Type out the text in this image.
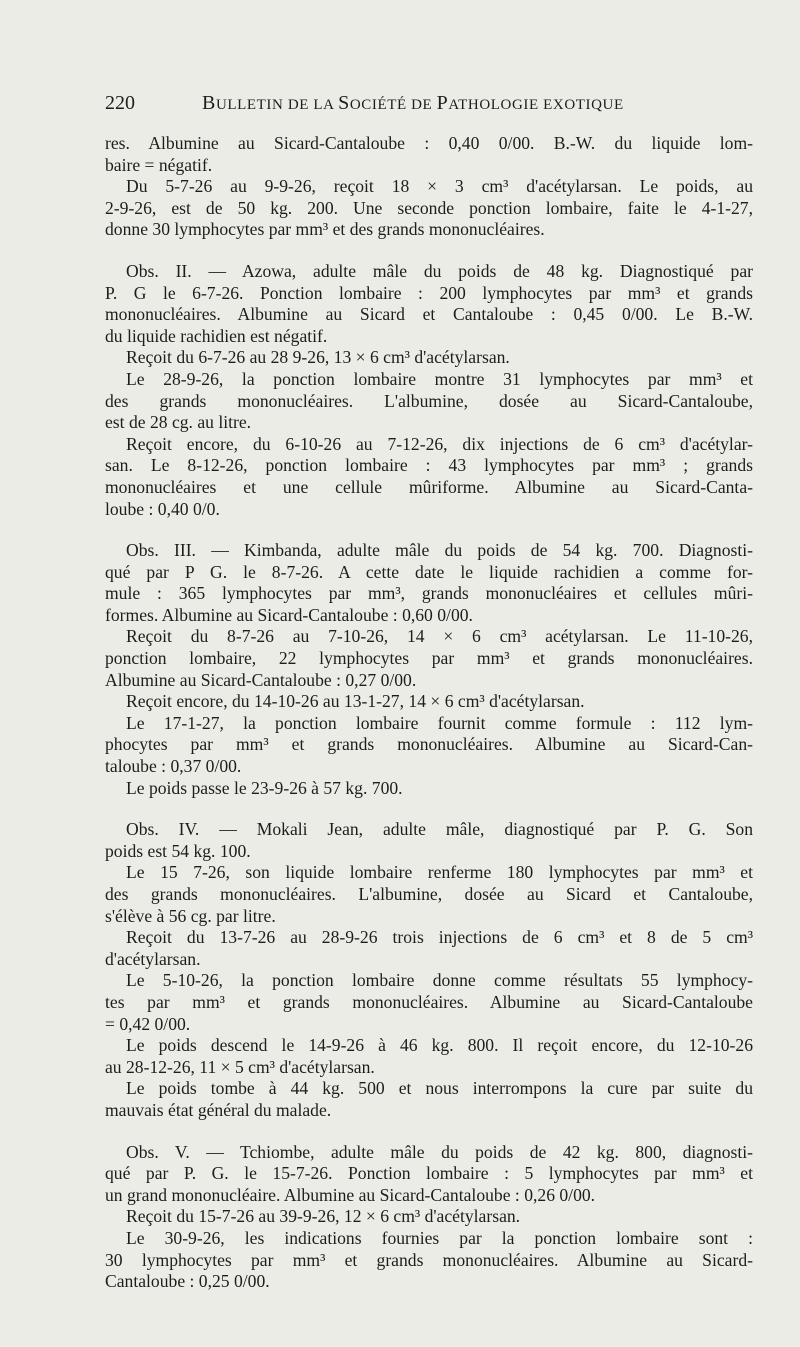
220	BULLETIN DE LA SOCIÉTÉ DE PATHOLOGIE EXOTIQUE
res. Albumine au Sicard-Cantaloube : 0,40 0/00. B.-W. du liquide lom-
baire = négatif.
Du 5-7-26 au 9-9-26, reçoit 18 × 3 cm³ d'acétylarsan. Le poids, au
2-9-26, est de 50 kg. 200. Une seconde ponction lombaire, faite le 4-1-27,
donne 30 lymphocytes par mm³ et des grands mononucléaires.
Obs. II. — Azowa, adulte mâle du poids de 48 kg. Diagnostiqué par
P. G le 6-7-26. Ponction lombaire : 200 lymphocytes par mm³ et grands
mononucléaires. Albumine au Sicard et Cantaloube : 0,45 0/00. Le B.-W.
du liquide rachidien est négatif.
Reçoit du 6-7-26 au 28 9-26, 13 × 6 cm³ d'acétylarsan.
Le 28-9-26, la ponction lombaire montre 31 lymphocytes par mm³ et
des grands mononucléaires. L'albumine, dosée au Sicard-Cantaloube,
est de 28 cg. au litre.
Reçoit encore, du 6-10-26 au 7-12-26, dix injections de 6 cm³ d'acétylar-
san. Le 8-12-26, ponction lombaire : 43 lymphocytes par mm³ ; grands
mononucléaires et une cellule mûriforme. Albumine au Sicard-Canta-
loube : 0,40 0/0.
Obs. III. — Kimbanda, adulte mâle du poids de 54 kg. 700. Diagnosti-
qué par P G. le 8-7-26. A cette date le liquide rachidien a comme for-
mule : 365 lymphocytes par mm³, grands mononucléaires et cellules mûri-
formes. Albumine au Sicard-Cantaloube : 0,60 0/00.
Reçoit du 8-7-26 au 7-10-26, 14 × 6 cm³ acétylarsan. Le 11-10-26,
ponction lombaire, 22 lymphocytes par mm³ et grands mononucléaires.
Albumine au Sicard-Cantaloube : 0,27 0/00.
Reçoit encore, du 14-10-26 au 13-1-27, 14 × 6 cm³ d'acétylarsan.
Le 17-1-27, la ponction lombaire fournit comme formule : 112 lym-
phocytes par mm³ et grands mononucléaires. Albumine au Sicard-Can-
taloube : 0,37 0/00.
Le poids passe le 23-9-26 à 57 kg. 700.
Obs. IV. — Mokali Jean, adulte mâle, diagnostiqué par P. G. Son
poids est 54 kg. 100.
Le 15 7-26, son liquide lombaire renferme 180 lymphocytes par mm³ et
des grands mononucléaires. L'albumine, dosée au Sicard et Cantaloube,
s'élève à 56 cg. par litre.
Reçoit du 13-7-26 au 28-9-26 trois injections de 6 cm³ et 8 de 5 cm³
d'acétylarsan.
Le 5-10-26, la ponction lombaire donne comme résultats 55 lymphocy-
tes par mm³ et grands mononucléaires. Albumine au Sicard-Cantaloube
= 0,42 0/00.
Le poids descend le 14-9-26 à 46 kg. 800. Il reçoit encore, du 12-10-26
au 28-12-26, 11 × 5 cm³ d'acétylarsan.
Le poids tombe à 44 kg. 500 et nous interrompons la cure par suite du
mauvais état général du malade.
Obs. V. — Tchiombe, adulte mâle du poids de 42 kg. 800, diagnosti-
qué par P. G. le 15-7-26. Ponction lombaire : 5 lymphocytes par mm³ et
un grand mononucléaire. Albumine au Sicard-Cantaloube : 0,26 0/00.
Reçoit du 15-7-26 au 39-9-26, 12 × 6 cm³ d'acétylarsan.
Le 30-9-26, les indications fournies par la ponction lombaire sont :
30 lymphocytes par mm³ et grands mononucléaires. Albumine au Sicard-
Cantaloube : 0,25 0/00.
